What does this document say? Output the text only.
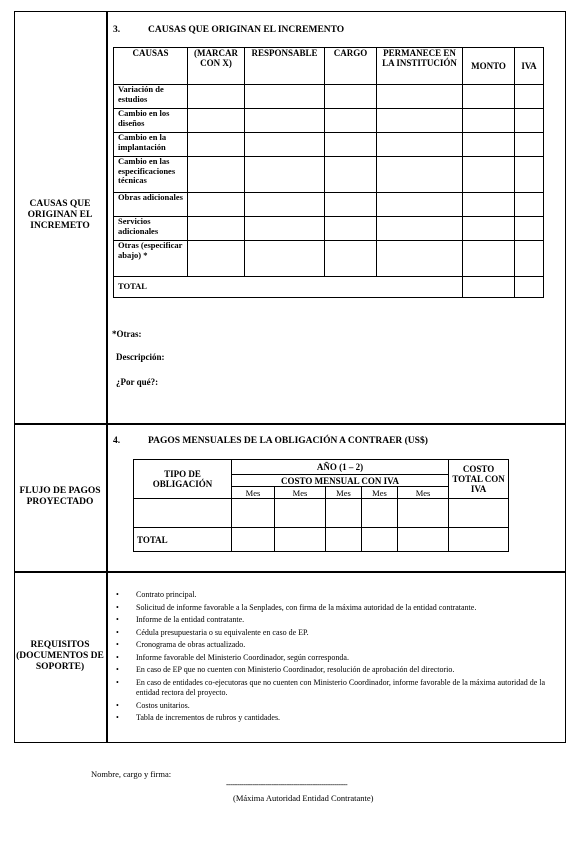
CAUSAS QUE ORIGINAN EL INCREMETO
FLUJO DE PAGOS PROYECTADO
REQUISITOS (DOCUMENTOS DE SOPORTE)
3.	CAUSAS QUE ORIGINAN EL INCREMENTO
CAUSAS	(MARCAR CON X)	RESPONSABLE	CARGO	PERMANECE EN LA INSTITUCIÓN	MONTO	IVA
Variación de estudios						
Cambio en los diseños						
Cambio en la implantación						
Cambio en las especificaciones técnicas						
Obras adicionales						
Servicios adicionales						
Otras (especificar abajo) *						
TOTAL						
*Otras:
Descripción:
¿Por qué?:
4.	PAGOS MENSUALES DE LA OBLIGACIÓN A CONTRAER (US$)
TIPO DE OBLIGACIÓN	AÑO (1 – 2)					COSTO TOTAL CON IVA
	COSTO MENSUAL CON IVA					
	Mes	Mes	Mes	Mes	Mes	

TOTAL						
• Contrato principal.
• Solicitud de informe favorable a la Senplades, con firma de la máxima autoridad de la entidad contratante.
• Informe de la entidad contratante.
• Cédula presupuestaria o su equivalente en caso de EP.
• Cronograma de obras actualizado.
• Informe favorable del Ministerio Coordinador, según corresponda.
• En caso de EP que no cuenten con Ministerio Coordinador, resolución de aprobación del directorio.
• En caso de entidades co-ejecutoras que no cuenten con Ministerio Coordinador, informe favorable de la máxima autoridad de la entidad rectora del proyecto.
• Costos unitarios.
• Tabla de incrementos de rubros y cantidades.
Nombre, cargo y firma:
--------------------------------------------------------
(Máxima Autoridad Entidad Contratante)
